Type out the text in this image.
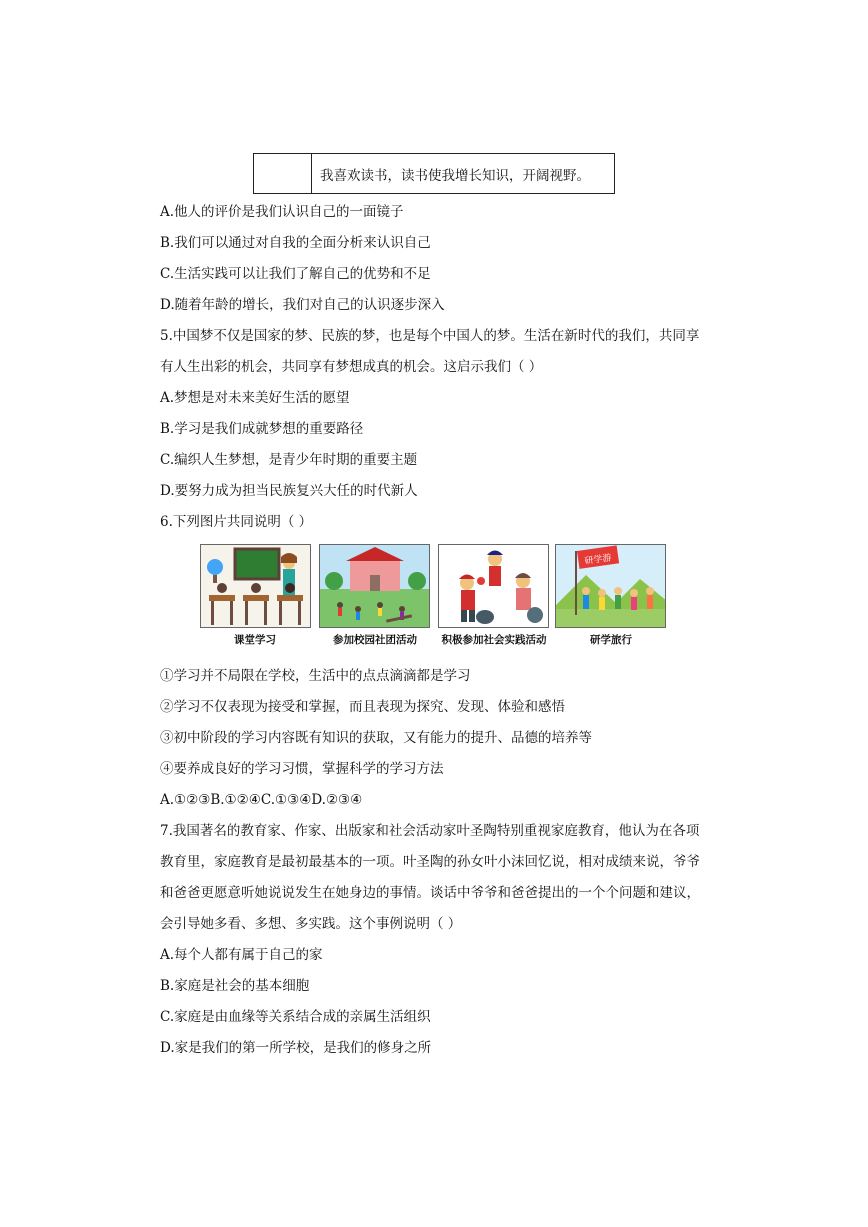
我喜欢读书，读书使我增长知识，开阔视野。
A.他人的评价是我们认识自己的一面镜子
B.我们可以通过对自我的全面分析来认识自己
C.生活实践可以让我们了解自己的优势和不足
D.随着年龄的增长，我们对自己的认识逐步深入
5.中国梦不仅是国家的梦、民族的梦，也是每个中国人的梦。生活在新时代的我们，共同享
有人生出彩的机会，共同享有梦想成真的机会。这启示我们（ ）
A.梦想是对未来美好生活的愿望
B.学习是我们成就梦想的重要路径
C.编织人生梦想，是青少年时期的重要主题
D.要努力成为担当民族复兴大任的时代新人
6.下列图片共同说明（ ）
课堂学习	参加校园社团活动	积极参加社会实践活动
研学游
研学旅行
①学习并不局限在学校，生活中的点点滴滴都是学习
②学习不仅表现为接受和掌握，而且表现为探究、发现、体验和感悟
③初中阶段的学习内容既有知识的获取，又有能力的提升、品德的培养等
④要养成良好的学习习惯，掌握科学的学习方法
A.①②③B.①②④C.①③④D.②③④
7.我国著名的教育家、作家、出版家和社会活动家叶圣陶特别重视家庭教育，他认为在各项
教育里，家庭教育是最初最基本的一项。叶圣陶的孙女叶小沫回忆说，相对成绩来说，爷爷
和爸爸更愿意听她说说发生在她身边的事情。谈话中爷爷和爸爸提出的一个个问题和建议，
会引导她多看、多想、多实践。这个事例说明（ ）
A.每个人都有属于自己的家
B.家庭是社会的基本细胞
C.家庭是由血缘等关系结合成的亲属生活组织
D.家是我们的第一所学校，是我们的修身之所
